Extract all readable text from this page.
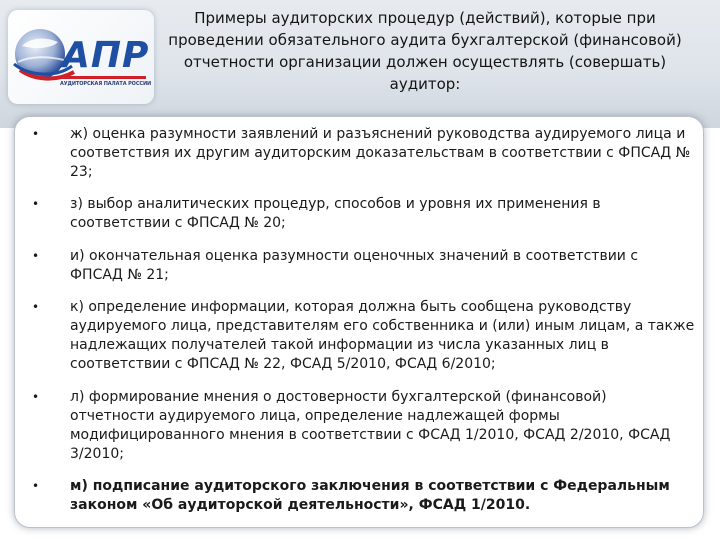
АПР
АУДИТОРСКАЯ ПАЛАТА РОССИИ
Примеры аудиторских процедур (действий), которые при проведении обязательного аудита бухгалтерской (финансовой) отчетности организации должен осуществлять (совершать) аудитор:
• ж) оценка разумности заявлений и разъяснений руководства аудируемого лица и соответствия их другим аудиторским доказательствам в соответствии с ФПСАД № 23;
• з) выбор аналитических процедур, способов и уровня их применения в соответствии с ФПСАД № 20;
• и) окончательная оценка разумности оценочных значений в соответствии с ФПСАД № 21;
• к) определение информации, которая должна быть сообщена руководству аудируемого лица, представителям его собственника и (или) иным лицам, а также надлежащих получателей такой информации из числа указанных лиц в соответствии с ФПСАД № 22, ФСАД 5/2010, ФСАД 6/2010;
• л) формирование мнения о достоверности бухгалтерской (финансовой) отчетности аудируемого лица, определение надлежащей формы модифицированного мнения в соответствии с ФСАД 1/2010, ФСАД 2/2010, ФСАД 3/2010;
• м) подписание аудиторского заключения в соответствии с Федеральным законом «Об аудиторской деятельности», ФСАД 1/2010.
